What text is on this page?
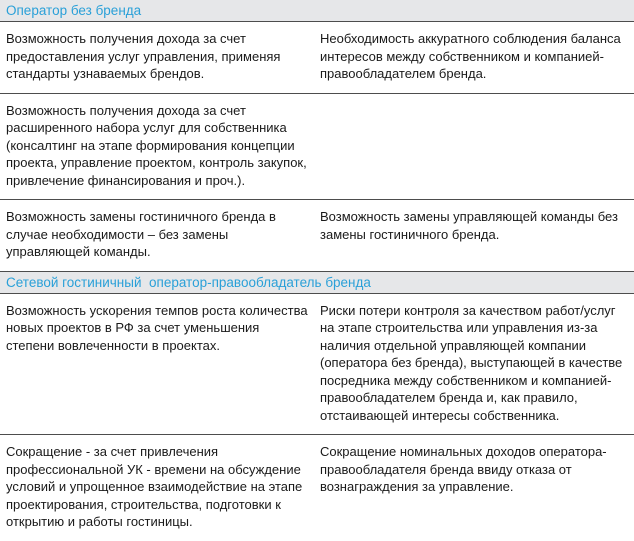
Оператор без бренда
Возможность получения дохода за счет предоставления услуг управления, применяя стандарты узнаваемых брендов.
Необходимость аккуратного соблюдения баланса интересов между собственником и компанией-правообладателем бренда.
Возможность получения дохода за счет расширенного набора услуг для собственника (консалтинг на этапе формирования концепции проекта, управление проектом, контроль закупок, привлечение финансирования и проч.).
Возможность замены гостиничного бренда в случае необходимости – без замены управляющей команды.
Возможность замены управляющей команды без замены гостиничного бренда.
Сетевой гостиничный  оператор-правообладатель бренда
Возможность ускорения темпов роста количества новых проектов в РФ за счет уменьшения степени вовлеченности в проектах.
Риски потери контроля за качеством работ/услуг на этапе строительства или управления из-за наличия отдельной управляющей компании (оператора без бренда), выступающей в качестве посредника между собственником и компанией-правообладателем бренда и, как правило, отстаивающей интересы собственника.
Сокращение - за счет привлечения профессиональной УК - времени на обсуждение условий и упрощенное взаимодействие на этапе проектирования, строительства, подготовки к открытию и работы гостиницы.
Сокращение номинальных доходов оператора-правообладателя бренда ввиду отказа от вознаграждения за управление.
